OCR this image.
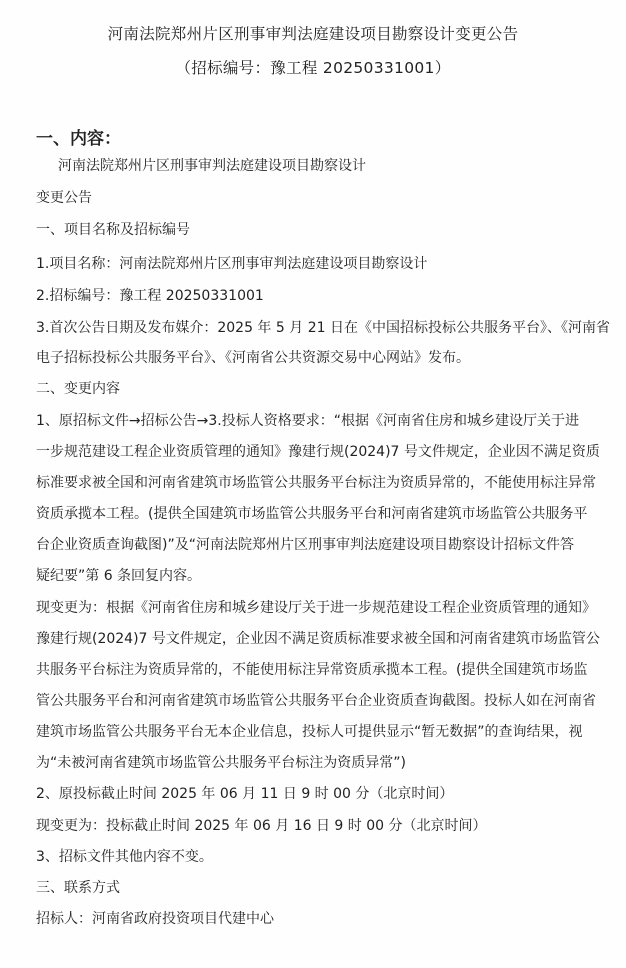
河南法院郑州片区刑事审判法庭建设项目勘察设计变更公告
（招标编号：豫工程 20250331001）
一、内容：
河南法院郑州片区刑事审判法庭建设项目勘察设计
变更公告
一、项目名称及招标编号
1.项目名称：河南法院郑州片区刑事审判法庭建设项目勘察设计
2.招标编号：豫工程 20250331001
3.首次公告日期及发布媒介：2025 年 5 月 21 日在《中国招标投标公共服务平台》、《河南省
电子招标投标公共服务平台》、《河南省公共资源交易中心网站》发布。
二、变更内容
1、原招标文件→招标公告→3.投标人资格要求：“根据《河南省住房和城乡建设厅关于进
一步规范建设工程企业资质管理的通知》豫建行规(2024)7 号文件规定，企业因不满足资质
标准要求被全国和河南省建筑市场监管公共服务平台标注为资质异常的，不能使用标注异常
资质承揽本工程。(提供全国建筑市场监管公共服务平台和河南省建筑市场监管公共服务平
台企业资质查询截图)”及“河南法院郑州片区刑事审判法庭建设项目勘察设计招标文件答
疑纪要”第 6 条回复内容。
现变更为：根据《河南省住房和城乡建设厅关于进一步规范建设工程企业资质管理的通知》
豫建行规(2024)7 号文件规定，企业因不满足资质标准要求被全国和河南省建筑市场监管公
共服务平台标注为资质异常的，不能使用标注异常资质承揽本工程。(提供全国建筑市场监
管公共服务平台和河南省建筑市场监管公共服务平台企业资质查询截图。投标人如在河南省
建筑市场监管公共服务平台无本企业信息，投标人可提供显示“暂无数据”的查询结果，视
为“未被河南省建筑市场监管公共服务平台标注为资质异常”)
2、原投标截止时间 2025 年 06 月 11 日 9 时 00 分（北京时间）
现变更为：投标截止时间 2025 年 06 月 16 日 9 时 00 分（北京时间）
3、招标文件其他内容不变。
三、联系方式
招标人：河南省政府投资项目代建中心
